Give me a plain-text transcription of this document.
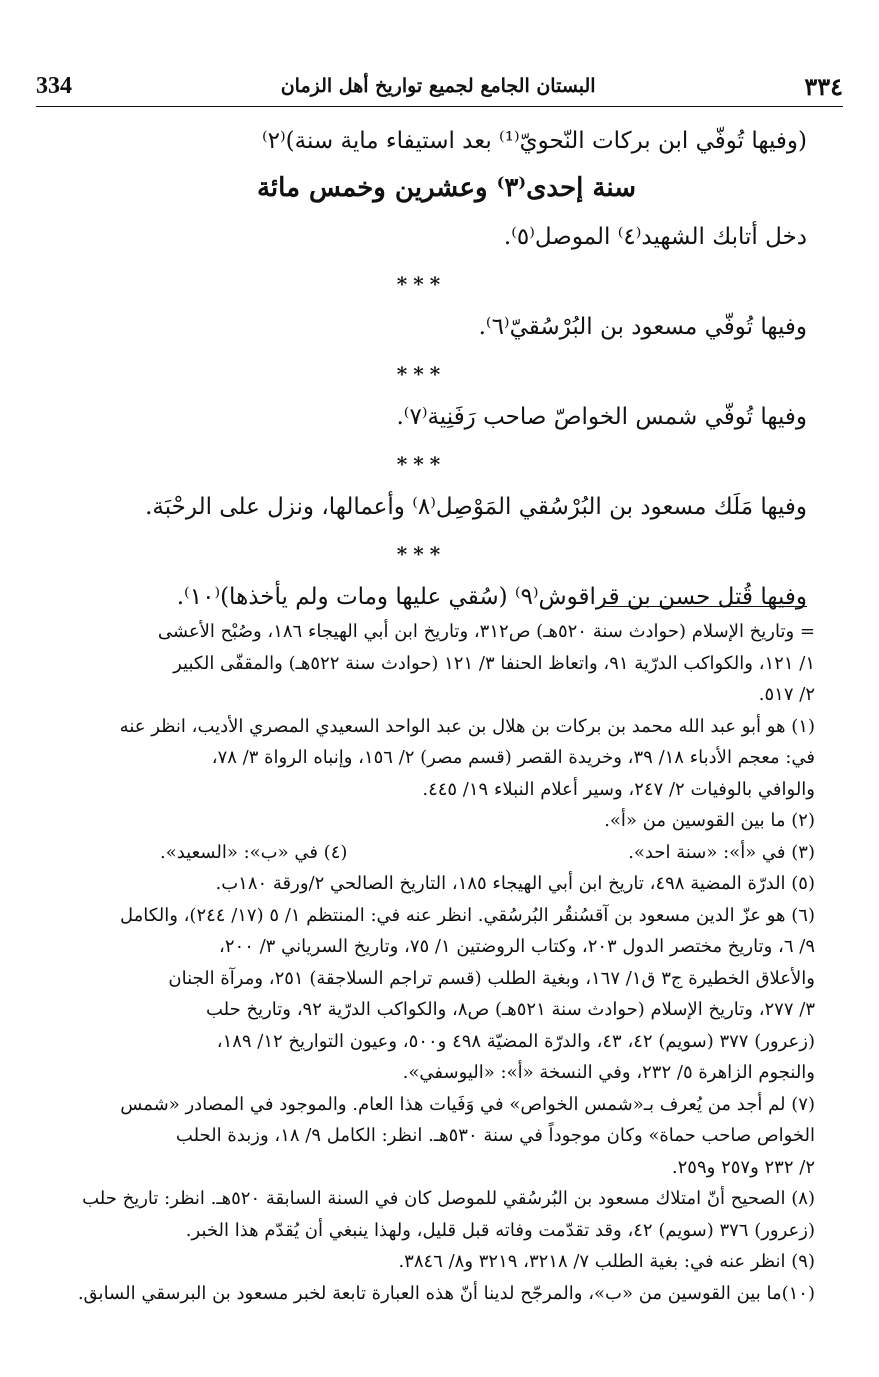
334	البستان الجامع لجميع تواريخ أهل الزمان	٣٣٤
(وفيها تُوفّي ابن بركات النّحويّ⁽¹⁾ بعد استيفاء ماية سنة)⁽٢⁾
سنة إحدى⁽٣⁾ وعشرين وخمس مائة
دخل أتابك الشهيد⁽٤⁾ الموصل⁽٥⁾.
***
وفيها تُوفّي مسعود بن البُرْسُقيّ⁽٦⁾.
***
وفيها تُوفّي شمس الخواصّ صاحب رَفَنِية⁽٧⁾.
***
وفيها مَلَك مسعود بن البُرْسُقي المَوْصِل⁽٨⁾ وأعمالها، ونزل على الرحْبَة.
***
وفيها قُتل حسن بن قراقوش⁽٩⁾ (سُقي عليها ومات ولم يأخذها)⁽١٠⁾.
= وتاريخ الإسلام (حوادث سنة ٥٢٠هـ) ص٣١٢، وتاريخ ابن أبي الهيجاء ١٨٦، وصُبْح الأعشى
١/ ١٢١، والكواكب الدرّية ٩١، واتعاظ الحنفا ٣/ ١٢١ (حوادث سنة ٥٢٢هـ) والمقفّى الكبير
٢/ ٥١٧.
(١) هو أبو عبد الله محمد بن بركات بن هلال بن عبد الواحد السعيدي المصري الأديب، انظر عنه
في: معجم الأدباء ١٨/ ٣٩، وخريدة القصر (قسم مصر) ٢/ ١٥٦، وإنباه الرواة ٣/ ٧٨،
والوافي بالوفيات ٢/ ٢٤٧، وسير أعلام النبلاء ١٩/ ٤٤٥.
(٢) ما بين القوسين من «أ».
(٣) في «أ»: «سنة احد».
(٤) في «ب»: «السعيد».
(٥) الدرّة المضية ٤٩٨، تاريخ ابن أبي الهيجاء ١٨٥، التاريخ الصالحي ٢/ورقة ١٨٠ب.
(٦) هو عزّ الدين مسعود بن آقسُنقُر البُرسُقي. انظر عنه في: المنتظم ١/ ٥ (١٧/ ٢٤٤)، والكامل
٩/ ٦، وتاريخ مختصر الدول ٢٠٣، وكتاب الروضتين ١/ ٧٥، وتاريخ السرياني ٣/ ٢٠٠،
والأعلاق الخطيرة ج٣ ق١/ ١٦٧، وبغية الطلب (قسم تراجم السلاجقة) ٢٥١، ومرآة الجنان
٣/ ٢٧٧، وتاريخ الإسلام (حوادث سنة ٥٢١هـ) ص٨، والكواكب الدرّية ٩٢، وتاريخ حلب
(زعرور) ٣٧٧ (سويم) ٤٢، ٤٣، والدرّة المضيّة ٤٩٨ و٥٠٠، وعيون التواريخ ١٢/ ١٨٩،
والنجوم الزاهرة ٥/ ٢٣٢، وفي النسخة «أ»: «اليوسفي».
(٧) لم أجد من يُعرف بـ«شمس الخواص» في وَفَيات هذا العام. والموجود في المصادر «شمس
الخواص صاحب حماة» وكان موجوداً في سنة ٥٣٠هـ. انظر: الكامل ٩/ ١٨، وزبدة الحلب
٢/ ٢٣٢ و٢٥٧ و٢٥٩.
(٨) الصحيح أنّ امتلاك مسعود بن البُرسُقي للموصل كان في السنة السابقة ٥٢٠هـ. انظر: تاريخ حلب
(زعرور) ٣٧٦ (سويم) ٤٢، وقد تقدّمت وفاته قبل قليل، ولهذا ينبغي أن يُقدّم هذا الخبر.
(٩) انظر عنه في: بغية الطلب ٧/ ٣٢١٨، ٣٢١٩ و٨/ ٣٨٤٦.
(١٠)ما بين القوسين من «ب»، والمرجّح لدينا أنّ هذه العبارة تابعة لخبر مسعود بن البرسقي السابق.
